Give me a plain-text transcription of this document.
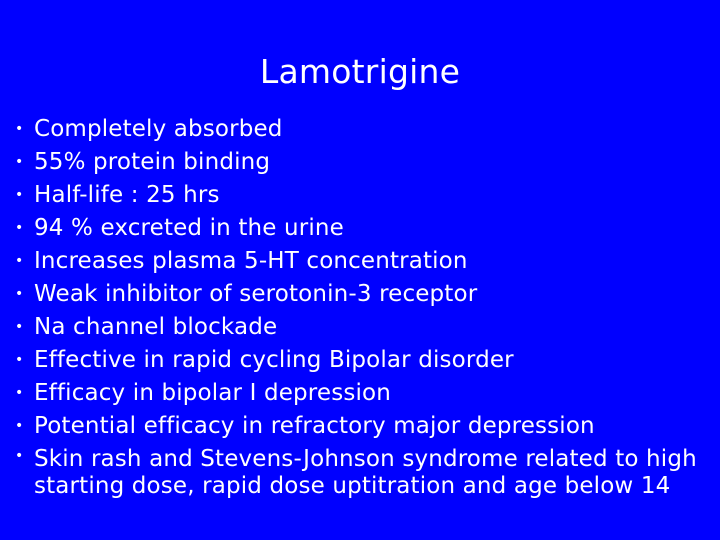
Lamotrigine
• Completely absorbed
• 55% protein binding
• Half-life : 25 hrs
• 94 % excreted in the urine
• Increases plasma 5-HT concentration
• Weak inhibitor of serotonin-3 receptor
• Na channel blockade
• Effective in rapid cycling Bipolar disorder
• Efficacy in bipolar I depression
• Potential efficacy in refractory major depression
• Skin rash and Stevens-Johnson syndrome related to high starting dose, rapid dose uptitration and age below 14
